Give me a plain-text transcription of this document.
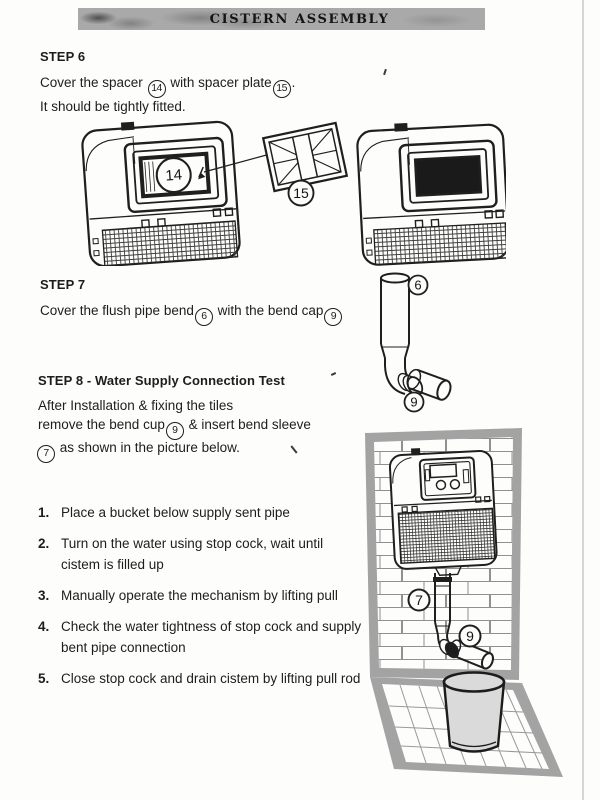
CISTERN ASSEMBLY
STEP 6
Cover the spacer 14 with spacer plate 15 .
It should be tightly fitted.
14
15
STEP 7
Cover the flush pipe bend 6 with the bend cap 9
6
9
STEP 8 - Water Supply Connection Test
After Installation & fixing the tiles
remove the bend cup 9 & insert bend sleeve
7 as shown in the picture below.
1. Place a bucket below supply sent pipe
2. Turn on the water using stop cock, wait until
cistem is filled up
3. Manually operate the mechanism by lifting pull
4. Check the water tightness of stop cock and supply
bent pipe connection
5. Close stop cock and drain cistem by lifting pull rod
7
9
